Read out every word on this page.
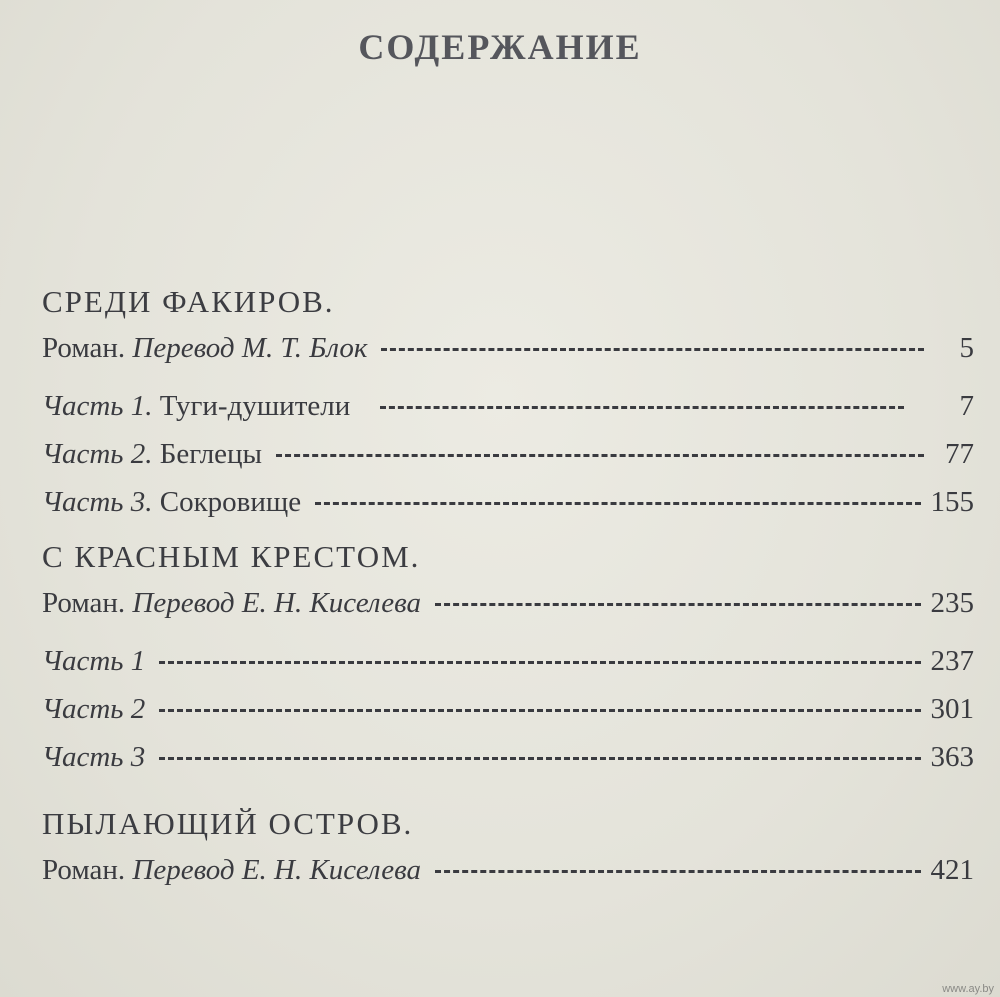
СОДЕРЖАНИЕ
СРЕДИ ФАКИРОВ.
Роман. Перевод М. Т. Блок	5
Часть 1. Туги-душители	7
Часть 2. Беглецы	77
Часть 3. Сокровище	155
С КРАСНЫМ КРЕСТОМ.
Роман. Перевод Е. Н. Киселева	235
Часть 1	237
Часть 2	301
Часть 3	363
ПЫЛАЮЩИЙ ОСТРОВ.
Роман. Перевод Е. Н. Киселева	421
www.ay.by
